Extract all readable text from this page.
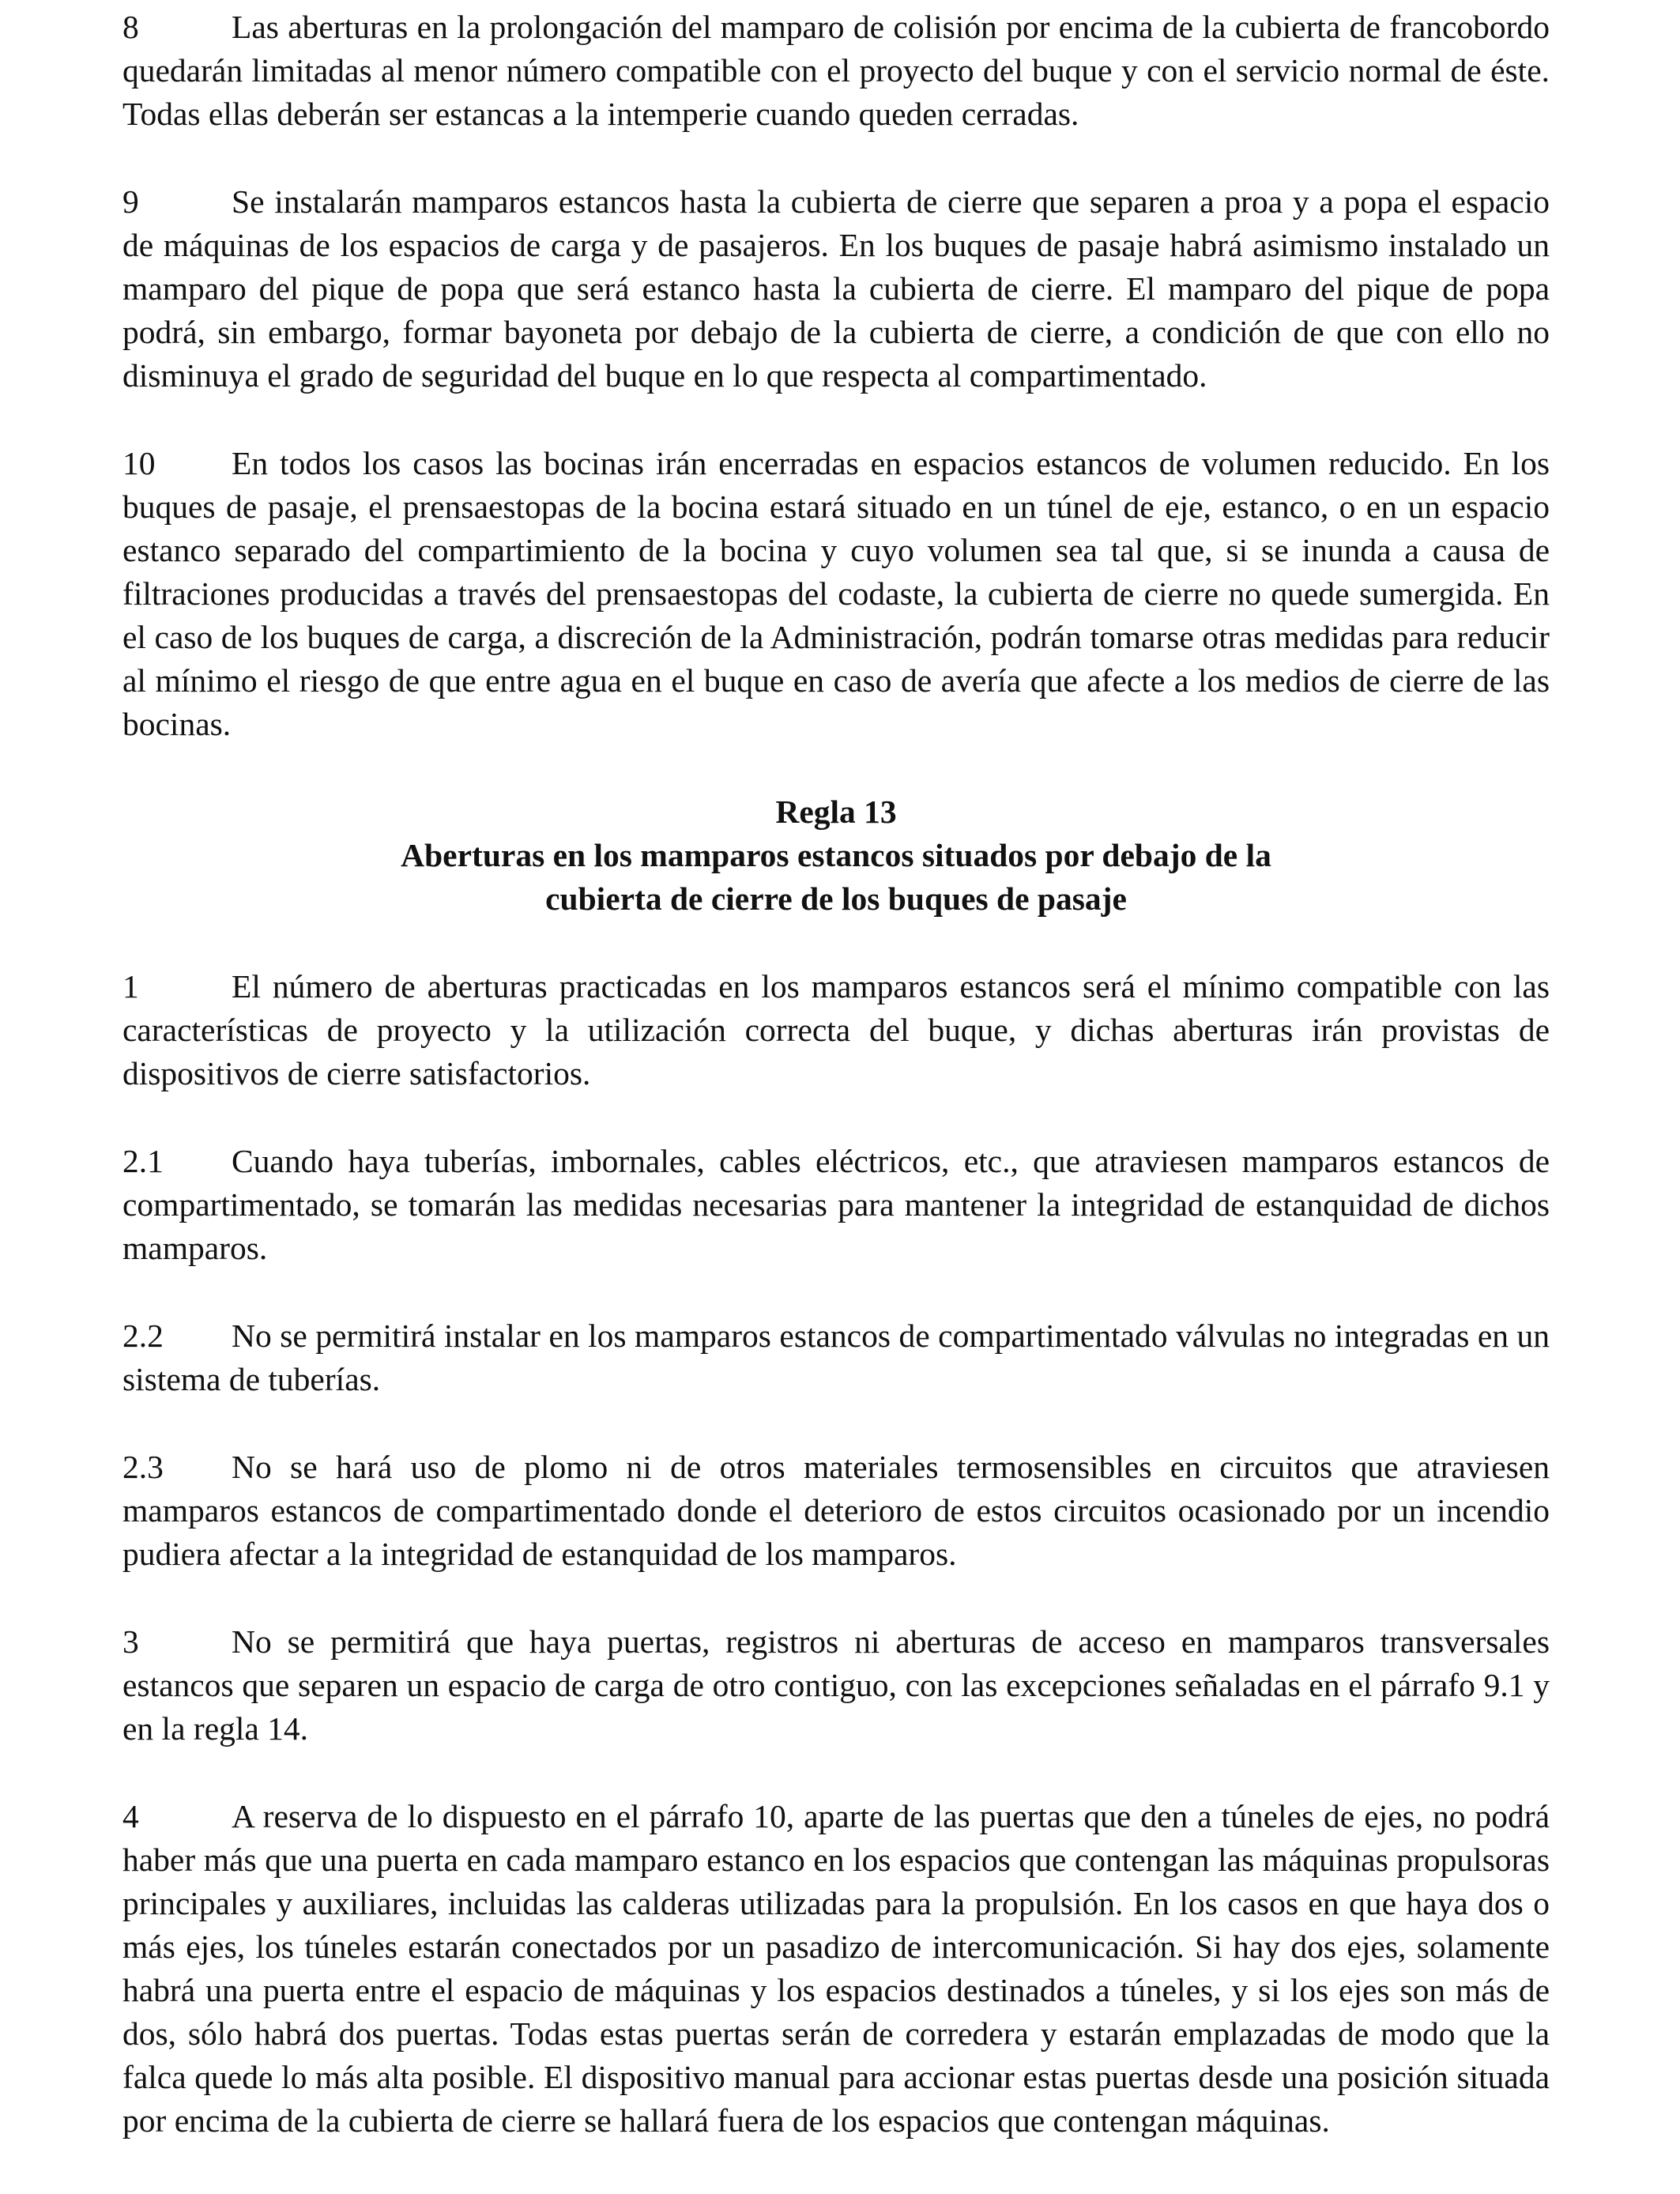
8	Las aberturas en la prolongación del mamparo de colisión por encima de la cubierta de francobordo quedarán limitadas al menor número compatible con el proyecto del buque y con el servicio normal de éste. Todas ellas deberán ser estancas a la intemperie cuando queden cerradas.

9	Se instalarán mamparos estancos hasta la cubierta de cierre que separen a proa y a popa el espacio de máquinas de los espacios de carga y de pasajeros. En los buques de pasaje habrá asimismo instalado un mamparo del pique de popa que será estanco hasta la cubierta de cierre. El mamparo del pique de popa podrá, sin embargo, formar bayoneta por debajo de la cubierta de cierre, a condición de que con ello no disminuya el grado de seguridad del buque en lo que respecta al compartimentado.

10 En todos los casos las bocinas irán encerradas en espacios estancos de volumen reducido. En los buques de pasaje, el prensaestopas de la bocina estará situado en un túnel de eje, estanco, o en un espacio estanco separado del compartimiento de la bocina y cuyo volumen sea tal que, si se inunda a causa de filtraciones producidas a través del prensaestopas del codaste, la cubierta de cierre no quede sumergida. En el caso de los buques de carga, a discreción de la Administración, podrán tomarse otras medidas para reducir al mínimo el riesgo de que entre agua en el buque en caso de avería que afecte a los medios de cierre de las bocinas.

Regla 13
Aberturas en los mamparos estancos situados por debajo de la
cubierta de cierre de los buques de pasaje

1	El número de aberturas practicadas en los mamparos estancos será el mínimo compatible con las características de proyecto y la utilización correcta del buque, y dichas aberturas irán provistas de dispositivos de cierre satisfactorios.

2.1 Cuando haya tuberías, imbornales, cables eléctricos, etc., que atraviesen mamparos estancos de compartimentado, se tomarán las medidas necesarias para mantener la integridad de estanquidad de dichos mamparos.

2.2 No se permitirá instalar en los mamparos estancos de compartimentado válvulas no integradas en un sistema de tuberías.

2.3 No se hará uso de plomo ni de otros materiales termosensibles en circuitos que atraviesen mamparos estancos de compartimentado donde el deterioro de estos circuitos ocasionado por un incendio pudiera afectar a la integridad de estanquidad de los mamparos.

3	No se permitirá que haya puertas, registros ni aberturas de acceso en mamparos transversales estancos que separen un espacio de carga de otro contiguo, con las excepciones señaladas en el párrafo 9.1 y en la regla 14.

4	A reserva de lo dispuesto en el párrafo 10, aparte de las puertas que den a túneles de ejes, no podrá haber más que una puerta en cada mamparo estanco en los espacios que contengan las máquinas propulsoras principales y auxiliares, incluidas las calderas utilizadas para la propulsión. En los casos en que haya dos o más ejes, los túneles estarán conectados por un pasadizo de intercomunicación. Si hay dos ejes, solamente habrá una puerta entre el espacio de máquinas y los espacios destinados a túneles, y si los ejes son más de dos, sólo habrá dos puertas. Todas estas puertas serán de corredera y estarán emplazadas de modo que la falca quede lo más alta posible. El dispositivo manual para accionar estas puertas desde una posición situada por encima de la cubierta de cierre se hallará fuera de los espacios que contengan máquinas.
